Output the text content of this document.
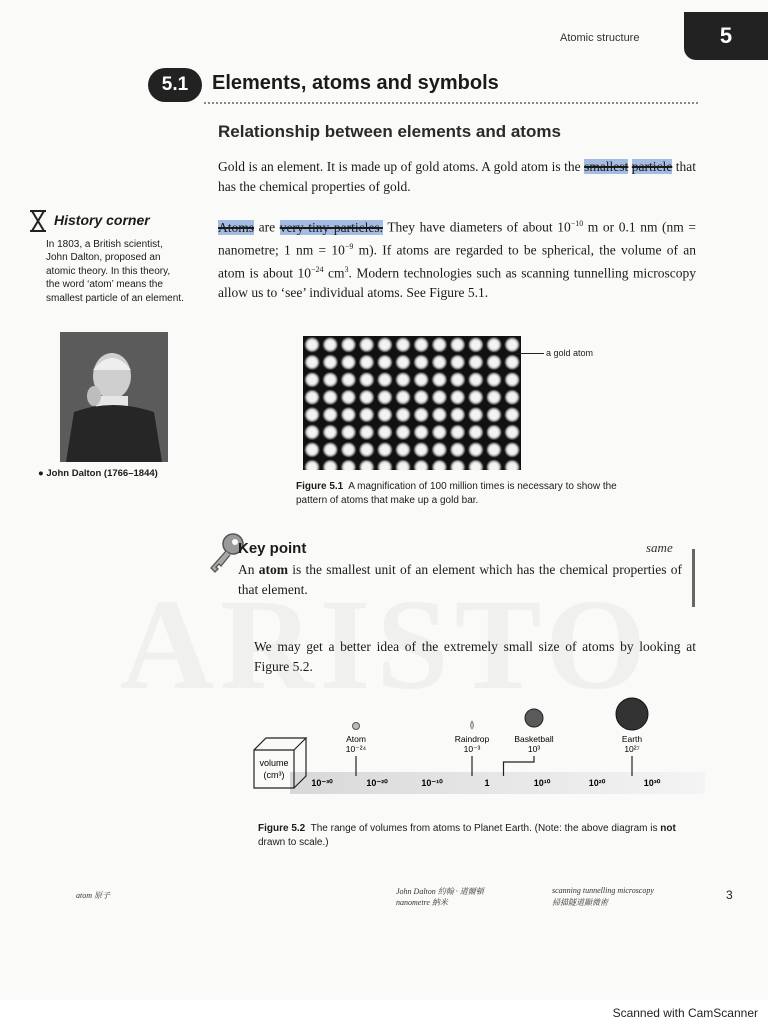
Atomic structure	5
5.1	Elements, atoms and symbols
Relationship between elements and atoms
Gold is an element. It is made up of gold atoms. A gold atom is the smallest particle that has the chemical properties of gold.
Atoms are very tiny particles. They have diameters of about $10^{-10}$ m or 0.1 nm (nm = nanometre; 1 nm = $10^{-9}$ m). If atoms are regarded to be spherical, the volume of an atom is about $10^{-24}$ $cm^3$. Modern technologies such as scanning tunnelling microscopy allow us to ‘see’ individual atoms. See Figure 5.1.
History corner
In 1803, a British scientist, John Dalton, proposed an atomic theory. In this theory, the word ‘atom’ means the smallest particle of an element.
● John Dalton (1766–1844)
a gold atom
Figure 5.1 A magnification of 100 million times is necessary to show the pattern of atoms that make up a gold bar.
Key point	same
An atom is the smallest unit of an element which has the chemical properties of that element.
We may get a better idea of the extremely small size of atoms by looking at Figure 5.2.
volume
(cm³)
10⁻³⁰	10⁻²⁰	10⁻¹⁰	1	10¹⁰	10²⁰	10³⁰
Atom
10⁻²⁴
Raindrop
10⁻³
Basketball
10³
Earth
10²⁷
Figure 5.2 The range of volumes from atoms to Planet Earth. (Note: the above diagram is not drawn to scale.)
atom 原子	John Dalton 約翰 · 道爾頓
nanometre 納米
scanning tunnelling microscopy
掃描隧道顯微術
3
Scanned with CamScanner
